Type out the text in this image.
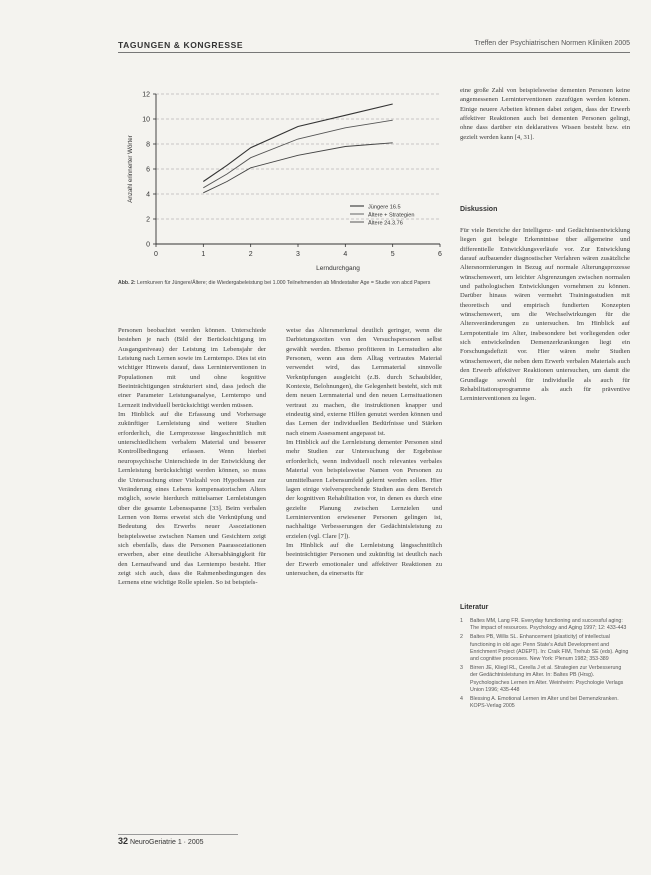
TAGUNGEN & KONGRESSE	Treffen der Psychiatrischen Normen Kliniken 2005
0
2
4
6
8
10
12
0	1	2	3	4	5	6
Lerndurchgang
Anzahl erinnerter Wörter
Jüngere 16.5
Ältere + Strategien
Ältere 24.3.76
Abb. 2: Lernkurven für Jüngere/Ältere; die Wiedergabeleistung bei 1.000 Teilnehmenden ab Mindestalter Age = Studie von abcd Papers

Personen beobachtet werden können. Unterschiede bestehen je nach (Bild der Berücksichtigung im Ausgangsniveau) der Leistung im Lebensjahr der Leistung nach Lernen sowie im Lerntempo. Dies ist ein wichtiger Hinweis darauf, dass Lerninterventionen in Populationen mit und ohne kognitive Beeinträchtigungen strukturiert sind, dass jedoch die einer Parameter Leistungsanalyse, Lerntempo und Lernzeit individuell berücksichtigt werden müssen.

Im Hinblick auf die Erfassung und Vorhersage zukünftiger Lernleistung sind weitere Studien erforderlich, die Lernprozesse längsschnittlich mit unterschiedlichem verbalem Material und besserer Kontrollbedingung erfassen. Wenn hierbei neuropsychische Unterschiede in der Entwicklung der Lernleistung berücksichtigt werden können, so muss die Untersuchung einer Vielzahl von Hypothesen zur Veränderung eines Lebens kompensatorischen Alters möglich, sowie hierdurch mittelsamer Lernleistungen über die gesamte Lebensspanne [33]. Beim verbalen Lernen von Items erweist sich die Verknüpfung und Bedeutung des Erwerbs neuer Assoziationen beispielsweise zwischen Namen und Gesichtern zeigt sich ebenfalls, dass die Personen Paarassoziationen erwerben, aber eine deutliche Altersabhängigkeit für den Lernaufwand und das Lerntempo besteht. Hier zeigt sich auch, dass die Rahmenbedingungen des Lernens eine wichtige Rolle spielen. So ist beispiels-

weise das Altersmerkmal deutlich geringer, wenn die Darbietungszeiten von den Versuchspersonen selbst gewählt werden. Ebenso profitieren in Lernstudien alte Personen, wenn aus dem Alltag vertrautes Material verwendet wird, das Lernmaterial sinnvolle Verknüpfungen ausgleicht (z.B. durch Schaubilder, Kontexte, Belohnungen), die Gelegenheit besteht, sich mit dem neuen Lernmaterial und den neuen Lernsituationen vertraut zu machen, die instruktionen knapper und eindeutig sind, externe Hilfen genutzt werden können und das Lernen der individuellen Bedürfnisse und Stärken nach einem Assessment angepasst ist.

Im Hinblick auf die Lernleistung dementer Personen sind mehr Studien zur Untersuchung der Ergebnisse erforderlich, wenn individuell noch relevantes verbales Material von beispielsweise Namen von Personen zu unmittelbaren Lebensumfeld gelernt werden sollen. Hier lagen einige vielversprechende Studien aus dem Bereich der kognitiven Rehabilitation vor, in denen es durch eine gezielte Planung zwischen Lernzielen und Lernintervention erwiesener Personen gelingen ist, nachhaltige Verbesserungen der Gedächtnisleistung zu erzielen (vgl. Clare [7]).

Im Hinblick auf die Lernleistung längsschnittlich beeinträchtigter Personen und zukünftig ist deutlich nach der Erwerb emotionaler und affektiver Reaktionen zu untersuchen, da einerseits für

eine große Zahl von beispielsweise dementen Personen keine angemessenen Lerninterventionen zuzufügen werden können. Einige neuere Arbeiten können dabei zeigen, dass der Erwerb affektiver Reaktionen auch bei dementen Personen gelingt, ohne dass darüber ein deklaratives Wissen besteht bzw. ein gezielt werden kann [4, 31].

Diskussion

Für viele Bereiche der Intelligenz- und Gedächtnisentwicklung liegen gut belegte Erkenntnisse über allgemeine und differentielle Entwicklungsverläufe vor. Zur Entwicklung darauf aufbauender diagnostischer Verfahren wären zusätzliche Altersnormierungen in Bezug auf normale Alterungsprozesse wünschenswert, um leichter Abgrenzungen zwischen normalen und pathologischen Entwicklungen vornehmen zu können. Darüber hinaus wären vermehrt Trainingsstudien mit theoretisch und empirisch fundierten Konzepten wünschenswert, um die Wechselwirkungen für die Altersveränderungen zu untersuchen. Im Hinblick auf Lernpotentiale im Alter, insbesondere bei vorliegenden oder sich entwickelnden Demenzerkrankungen liegt ein Forschungsdefizit vor. Hier wären mehr Studien wünschenswert, die neben dem Erwerb verbalen Materials auch den Erwerb affektiver Reaktionen untersuchen, um damit die Grundlage sowohl für individuelle als auch für Rehabilitationsprogramme als auch für präventive Lerninterventionen zu legen.

Literatur
1	Baltes MM, Lang FR. Everyday functioning and successful aging: The impact of resources. Psychology and Aging 1997; 12: 433-443
2	Baltes PB, Willis SL. Enhancement (plasticity) of intellectual functioning in old age: Penn State's Adult Development and Enrichment Project (ADEPT). In: Craik FIM, Trehub SE (eds). Aging and cognitive processes. New York: Plenum 1982; 353-389
3	Birren JE, Kliegl RL, Cerella J et al. Strategien zur Verbesserung der Gedächtnisleistung im Alter. In: Baltes PB (Hrsg). Psychologisches Lernen im Alter. Weinheim: Psychologie Verlags Union 1996; 435-448
4	Blessing A. Emotional Lernen im Alter und bei Demenzkranken. KOPS-Verlag 2005
32 NeuroGeriatrie 1 · 2005
